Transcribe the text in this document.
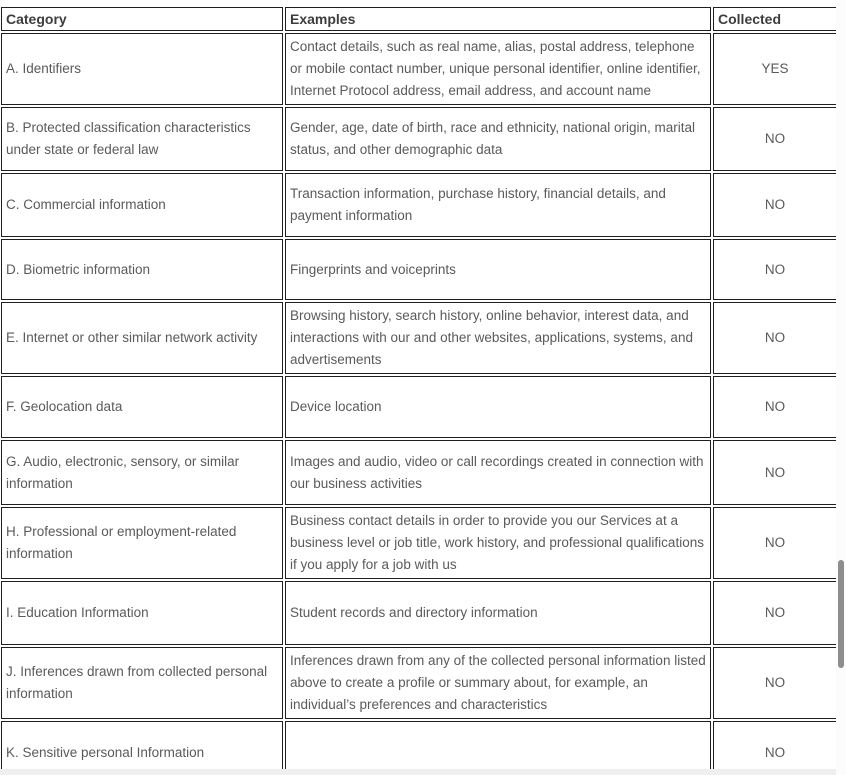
Category	Examples	Collected
A. Identifiers	Contact details, such as real name, alias, postal address, telephone or mobile contact number, unique personal identifier, online identifier, Internet Protocol address, email address, and account name	YES
B. Protected classification characteristics under state or federal law	Gender, age, date of birth, race and ethnicity, national origin, marital status, and other demographic data	NO
C. Commercial information	Transaction information, purchase history, financial details, and payment information	NO
D. Biometric information	Fingerprints and voiceprints	NO
E. Internet or other similar network activity	Browsing history, search history, online behavior, interest data, and interactions with our and other websites, applications, systems, and advertisements	NO
F. Geolocation data	Device location	NO
G. Audio, electronic, sensory, or similar information	Images and audio, video or call recordings created in connection with our business activities	NO
H. Professional or employment-related information	Business contact details in order to provide you our Services at a business level or job title, work history, and professional qualifications if you apply for a job with us	NO
I. Education Information	Student records and directory information	NO
J. Inferences drawn from collected personal information	Inferences drawn from any of the collected personal information listed above to create a profile or summary about, for example, an individual’s preferences and characteristics	NO
K. Sensitive personal Information		NO
